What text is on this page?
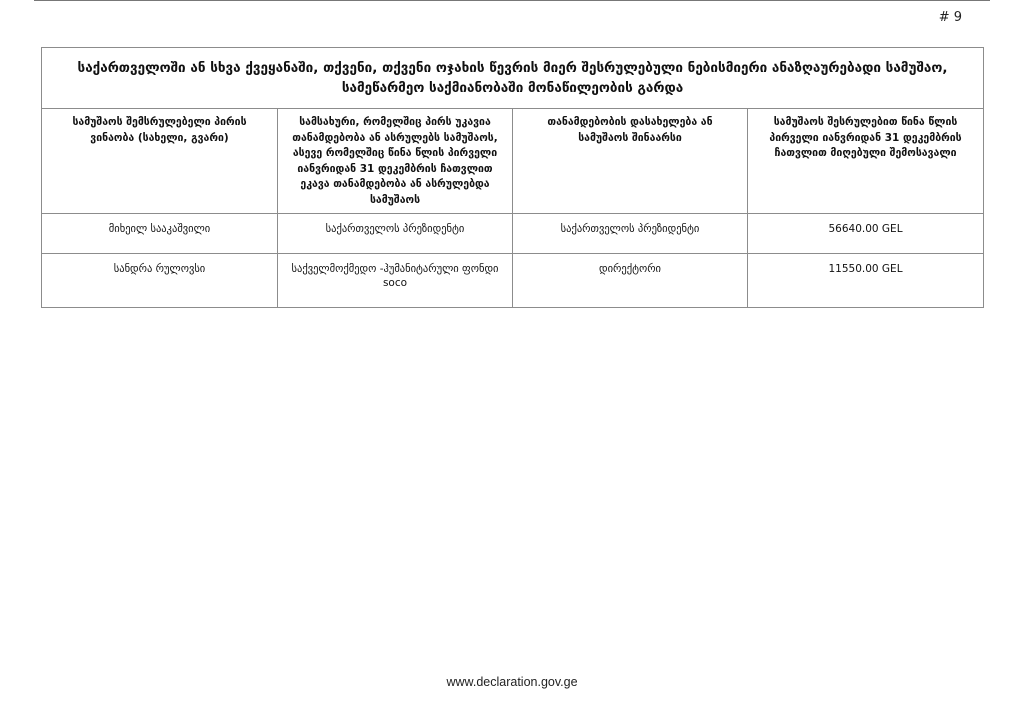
# 9
საქართველოში ან სხვა ქვეყანაში, თქვენი, თქვენი ოჯახის წევრის მიერ შესრულებული ნებისმიერი ანაზღაურებადი სამუშაო, სამეწარმეო საქმიანობაში მონაწილეობის გარდა			
სამუშაოს შემსრულებელი პირის ვინაობა (სახელი, გვარი)	სამსახური, რომელშიც პირს უკავია თანამდებობა ან ასრულებს სამუშაოს, ასევე რომელშიც წინა წლის პირველი იანვრიდან 31 დეკემბრის ჩათვლით ეკავა თანამდებობა ან ასრულებდა სამუშაოს	თანამდებობის დასახელება ან სამუშაოს შინაარსი	სამუშაოს შესრულებით წინა წლის პირველი იანვრიდან 31 დეკემბრის ჩათვლით მიღებული შემოსავალი
მიხეილ სააკაშვილი	საქართველოს პრეზიდენტი	საქართველოს პრეზიდენტი	56640.00 GEL
სანდრა რულოვსი	საქველმოქმედო -ჰუმანიტარული ფონდი soco	დირექტორი	11550.00 GEL
www.declaration.gov.ge
